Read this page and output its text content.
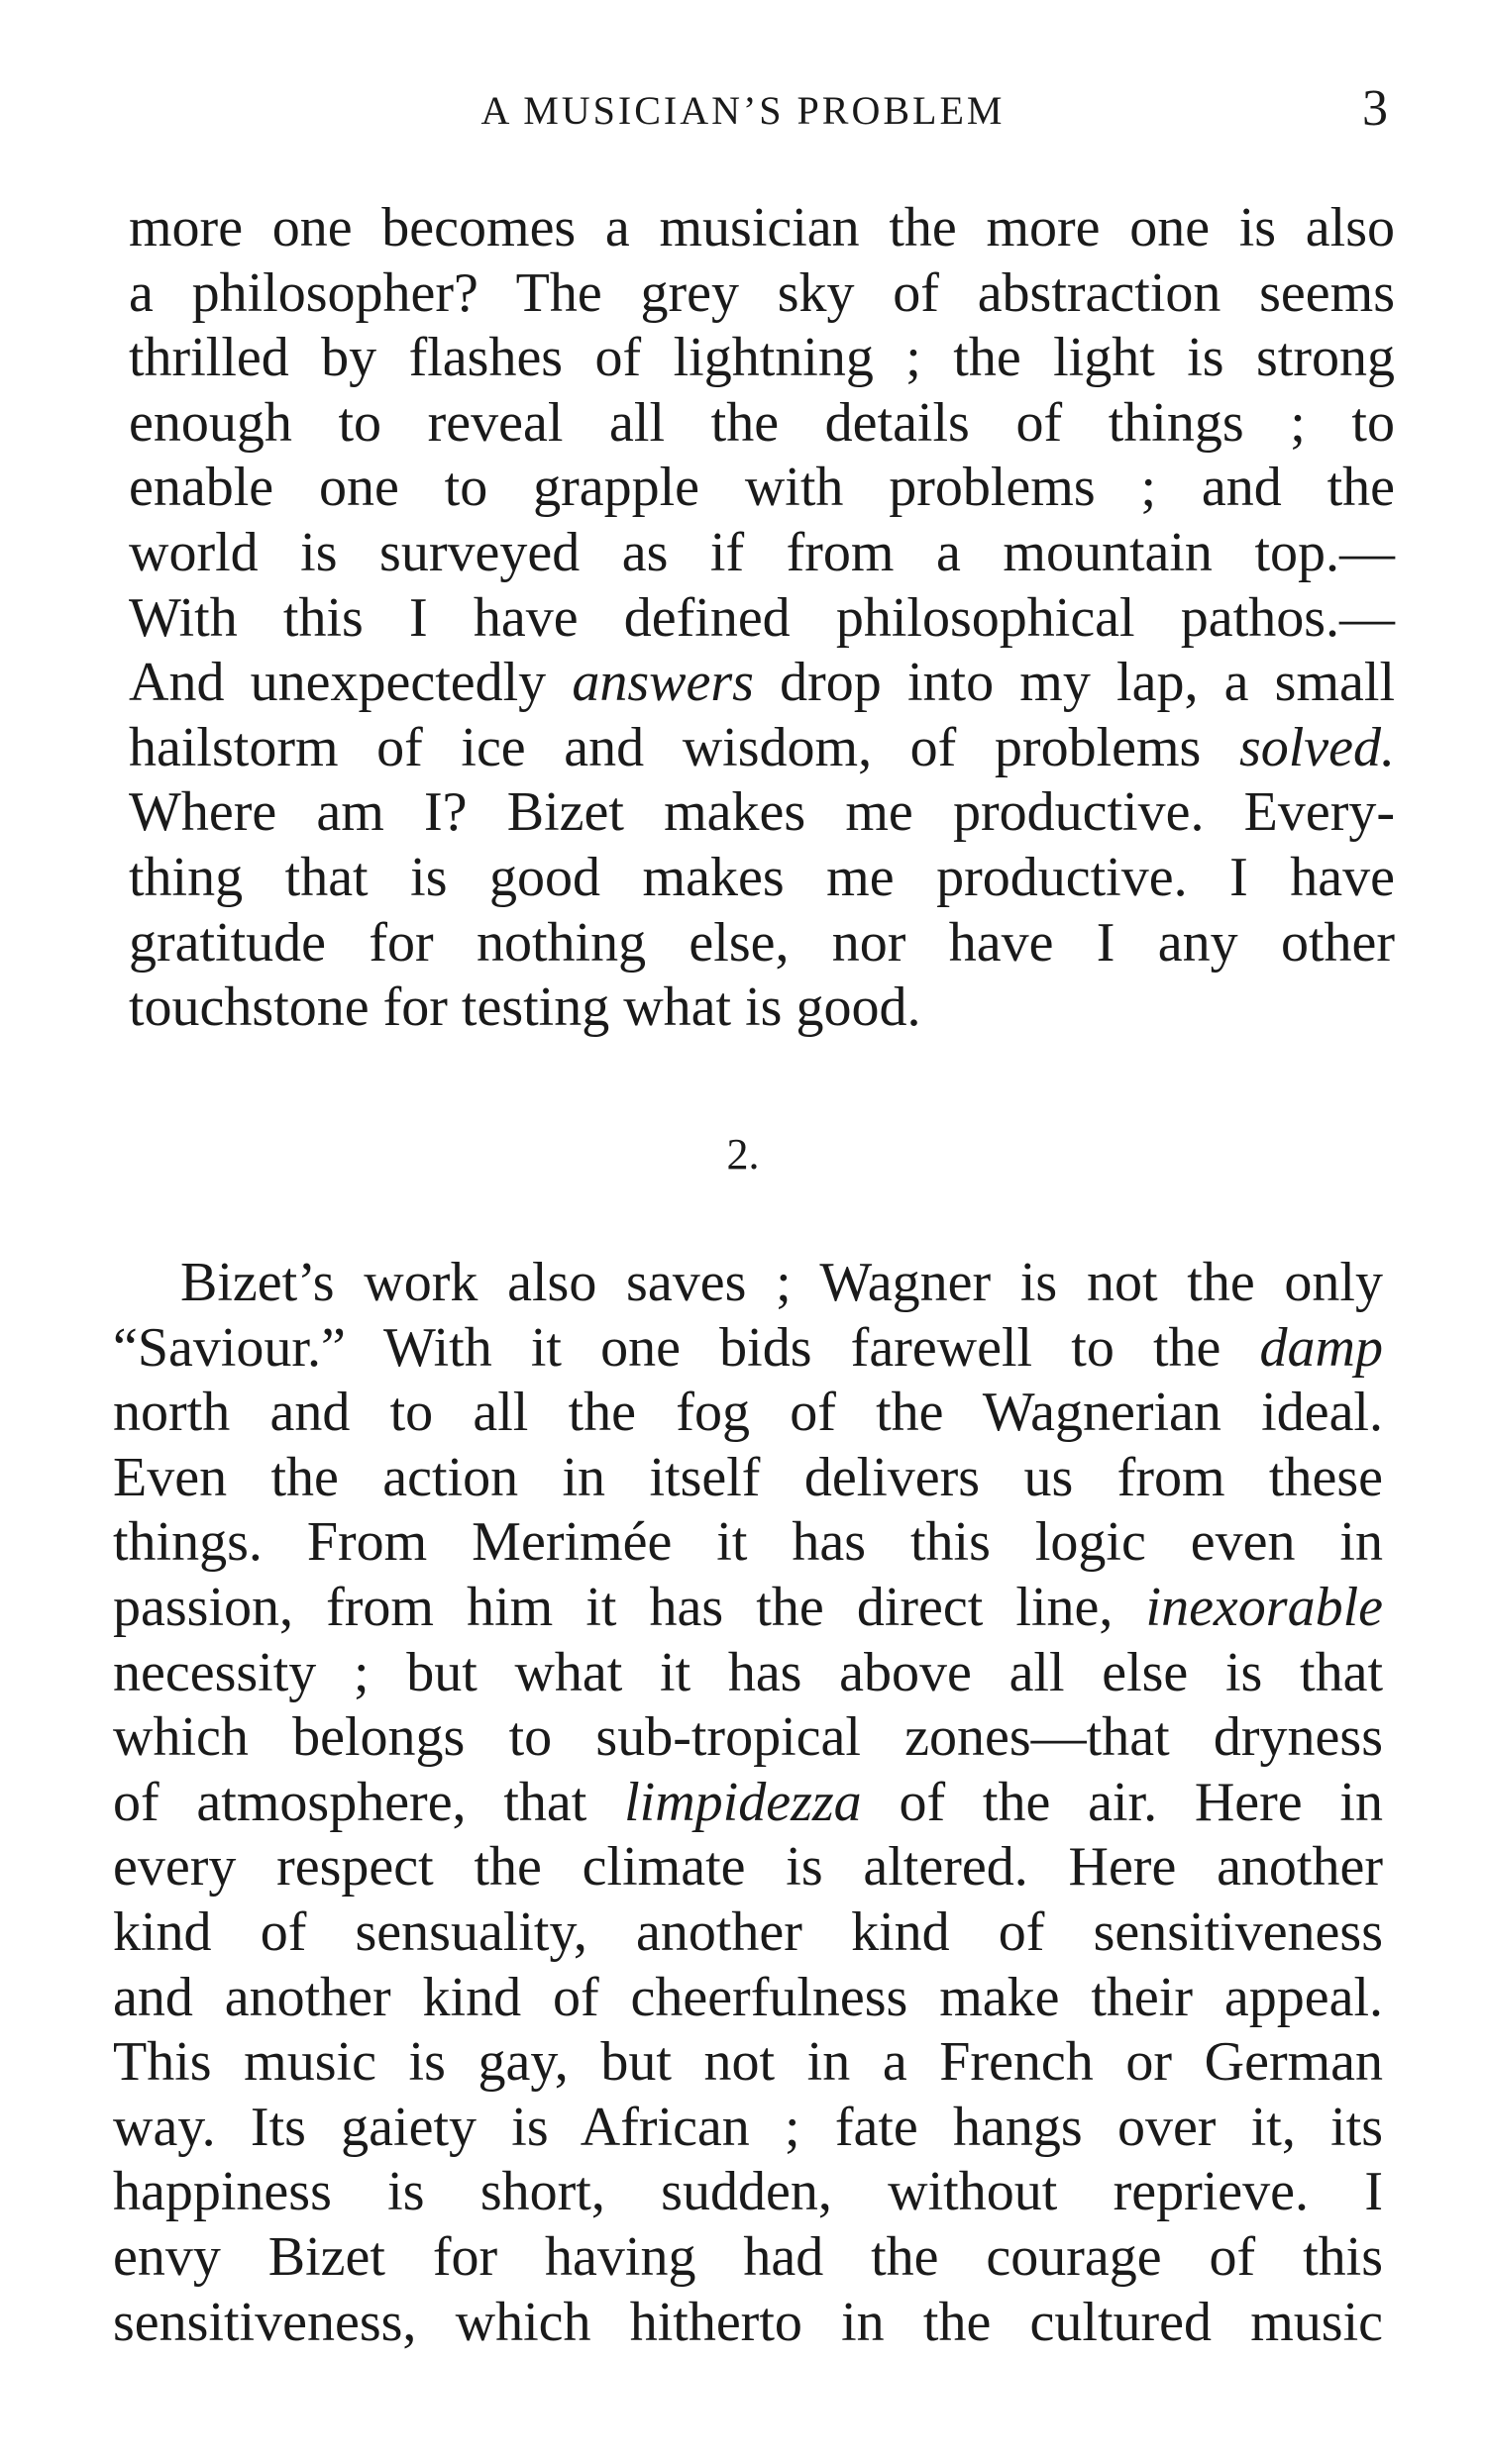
A MUSICIAN’S PROBLEM	3
more one becomes a musician the more one is also
a philosopher? The grey sky of abstraction seems
thrilled by flashes of lightning ; the light is strong
enough to reveal all the details of things ; to
enable one to grapple with problems ; and the
world is surveyed as if from a mountain top.—
With this I have defined philosophical pathos.—
And unexpectedly answers drop into my lap, a small
hailstorm of ice and wisdom, of problems solved.
Where am I? Bizet makes me productive. Every-
thing that is good makes me productive. I have
gratitude for nothing else, nor have I any other
touchstone for testing what is good.
2.
Bizet’s work also saves ; Wagner is not the only
“Saviour.” With it one bids farewell to the damp
north and to all the fog of the Wagnerian ideal.
Even the action in itself delivers us from these
things. From Merimée it has this logic even in
passion, from him it has the direct line, inexorable
necessity ; but what it has above all else is that
which belongs to sub-tropical zones—that dryness
of atmosphere, that limpidezza of the air. Here in
every respect the climate is altered. Here another
kind of sensuality, another kind of sensitiveness
and another kind of cheerfulness make their appeal.
This music is gay, but not in a French or German
way. Its gaiety is African ; fate hangs over it, its
happiness is short, sudden, without reprieve. I
envy Bizet for having had the courage of this
sensitiveness, which hitherto in the cultured music
